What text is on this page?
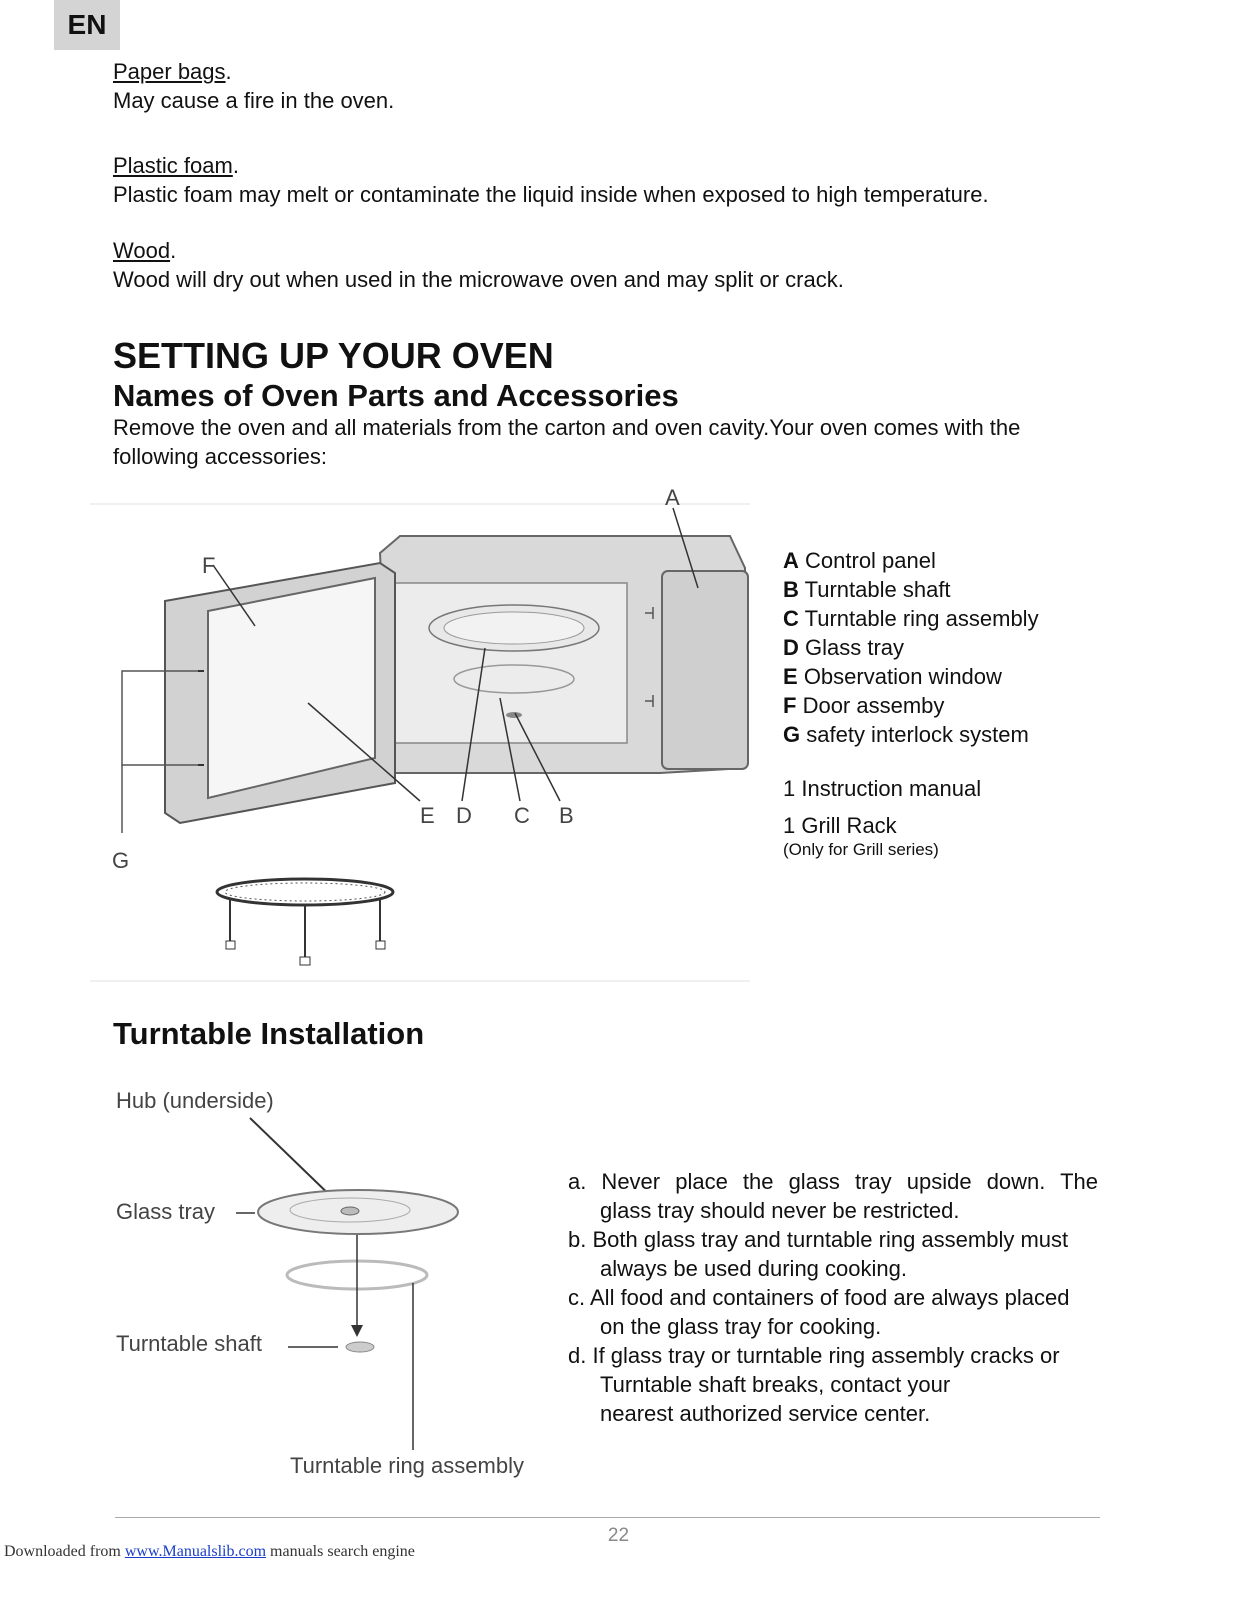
EN
Paper bags.
May cause a fire in the oven.
Plastic foam.
Plastic foam may melt or contaminate the liquid inside when exposed to high temperature.
Wood.
Wood will dry out when used in the microwave oven and may split or crack.
SETTING UP YOUR OVEN
Names of Oven Parts and Accessories
Remove the oven and all materials from the carton and oven cavity.Your oven comes with the
following accessories:
A
F
E D C B
G
A Control panel
B Turntable shaft
C Turntable ring assembly
D Glass tray
E Observation window
F Door assemby
G safety interlock system
1 Instruction manual
1 Grill Rack
(Only for Grill series)
Turntable Installation
Hub (underside)
Glass tray
Turntable shaft
Turntable ring assembly

a. Never place the glass tray upside down. The

glass tray should never be restricted.

b. Both glass tray and turntable ring assembly must

always be used during cooking.

c. All food and containers of food are always placed

on the glass tray for cooking.

d. If glass tray or turntable ring assembly cracks or

Turntable shaft breaks, contact your

nearest authorized service center.

22
Downloaded from www.Manualslib.com manuals search engine
